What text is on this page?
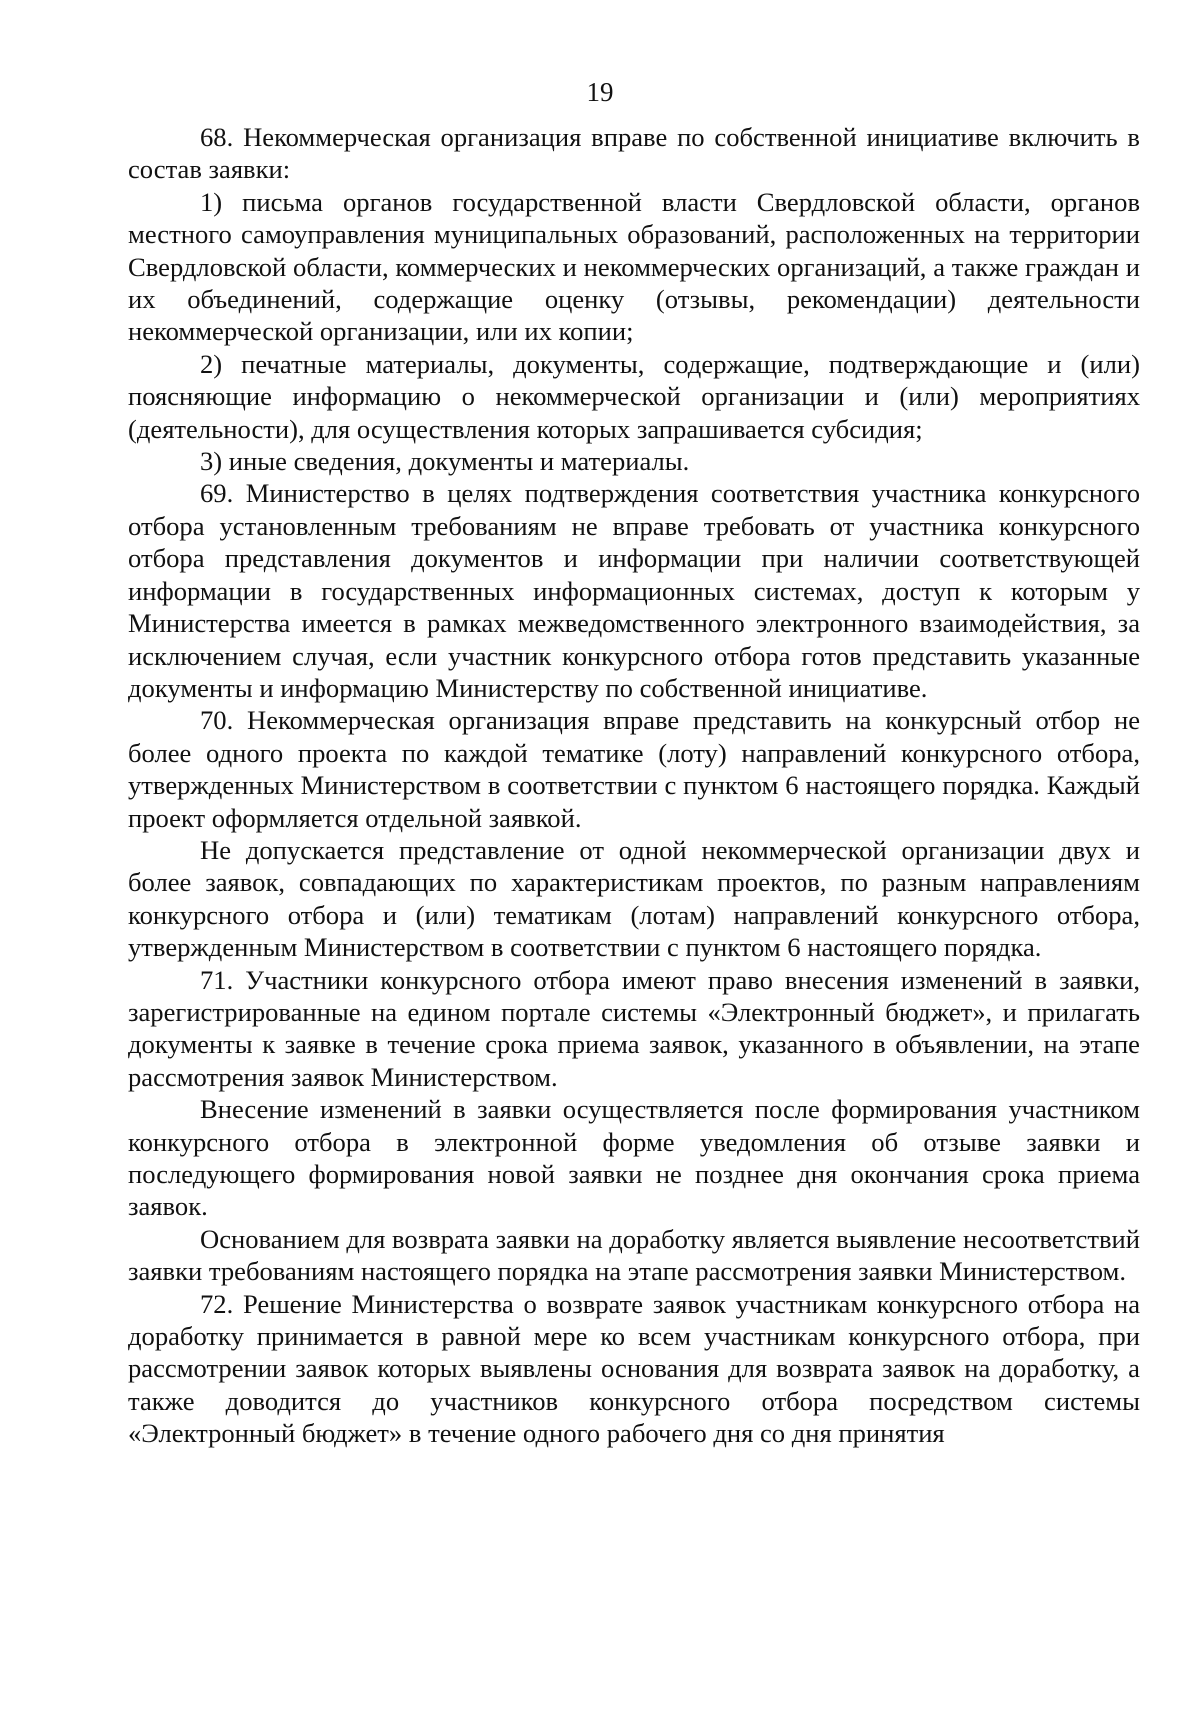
19

68. Некоммерческая организация вправе по собственной инициативе включить в состав заявки:

1) письма органов государственной власти Свердловской области, органов местного самоуправления муниципальных образований, расположенных на территории Свердловской области, коммерческих и некоммерческих организаций, а также граждан и их объединений, содержащие оценку (отзывы, рекомендации) деятельности некоммерческой организации, или их копии;

2) печатные материалы, документы, содержащие, подтверждающие и (или) поясняющие информацию о некоммерческой организации и (или) мероприятиях (деятельности), для осуществления которых запрашивается субсидия;

3) иные сведения, документы и материалы.

69. Министерство в целях подтверждения соответствия участника конкурсного отбора установленным требованиям не вправе требовать от участника конкурсного отбора представления документов и информации при наличии соответствующей информации в государственных информационных системах, доступ к которым у Министерства имеется в рамках межведомственного электронного взаимодействия, за исключением случая, если участник конкурсного отбора готов представить указанные документы и информацию Министерству по собственной инициативе.

70. Некоммерческая организация вправе представить на конкурсный отбор не более одного проекта по каждой тематике (лоту) направлений конкурсного отбора, утвержденных Министерством в соответствии с пунктом 6 настоящего порядка. Каждый проект оформляется отдельной заявкой.

Не допускается представление от одной некоммерческой организации двух и более заявок, совпадающих по характеристикам проектов, по разным направлениям конкурсного отбора и (или) тематикам (лотам) направлений конкурсного отбора, утвержденным Министерством в соответствии с пунктом 6 настоящего порядка.

71. Участники конкурсного отбора имеют право внесения изменений в заявки, зарегистрированные на едином портале системы «Электронный бюджет», и прилагать документы к заявке в течение срока приема заявок, указанного в объявлении, на этапе рассмотрения заявок Министерством.

Внесение изменений в заявки осуществляется после формирования участником конкурсного отбора в электронной форме уведомления об отзыве заявки и последующего формирования новой заявки не позднее дня окончания срока приема заявок.

Основанием для возврата заявки на доработку является выявление несоответствий заявки требованиям настоящего порядка на этапе рассмотрения заявки Министерством.

72. Решение Министерства о возврате заявок участникам конкурсного отбора на доработку принимается в равной мере ко всем участникам конкурсного отбора, при рассмотрении заявок которых выявлены основания для возврата заявок на доработку, а также доводится до участников конкурсного отбора посредством системы «Электронный бюджет» в течение одного рабочего дня со дня принятия
